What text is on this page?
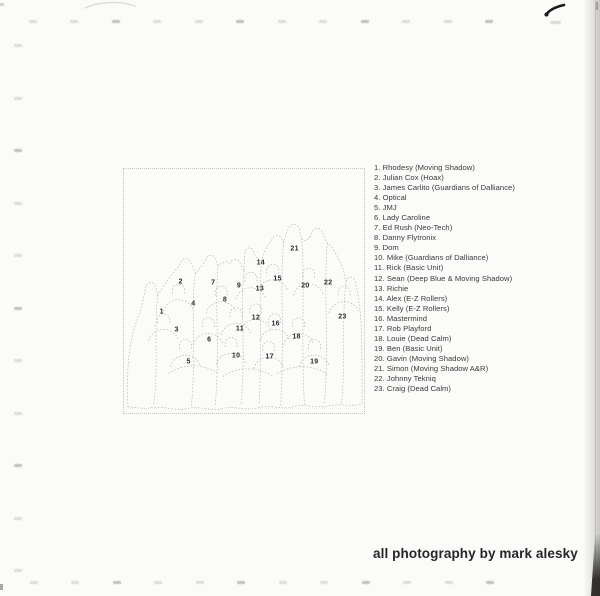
1
2
3
4
5
6
7
8
9
10
11
12
13
14
15
16
17
18
19
20
21
22
23
1. Rhodesy (Moving Shadow)
2. Julian Cox (Hoax)
3. James Carlito (Guardians of Dalliance)
4. Optical
5. JMJ
6. Lady Caroline
7. Ed Rush (Neo-Tech)
8. Danny Flytronix
9. Dom
10. Mike (Guardians of Dalliance)
11. Rick (Basic Unit)
12. Sean (Deep Blue & Moving Shadow)
13. Richie
14. Alex (E-Z Rollers)
15. Kelly (E-Z Rollers)
16. Mastermind
17. Rob Playford
18. Louie (Dead Calm)
19. Ben (Basic Unit)
20. Gavin (Moving Shadow)
21. Simon (Moving Shadow A&R)
22. Johnny Tekniq
23. Craig (Dead Calm)
all photography by mark alesky
